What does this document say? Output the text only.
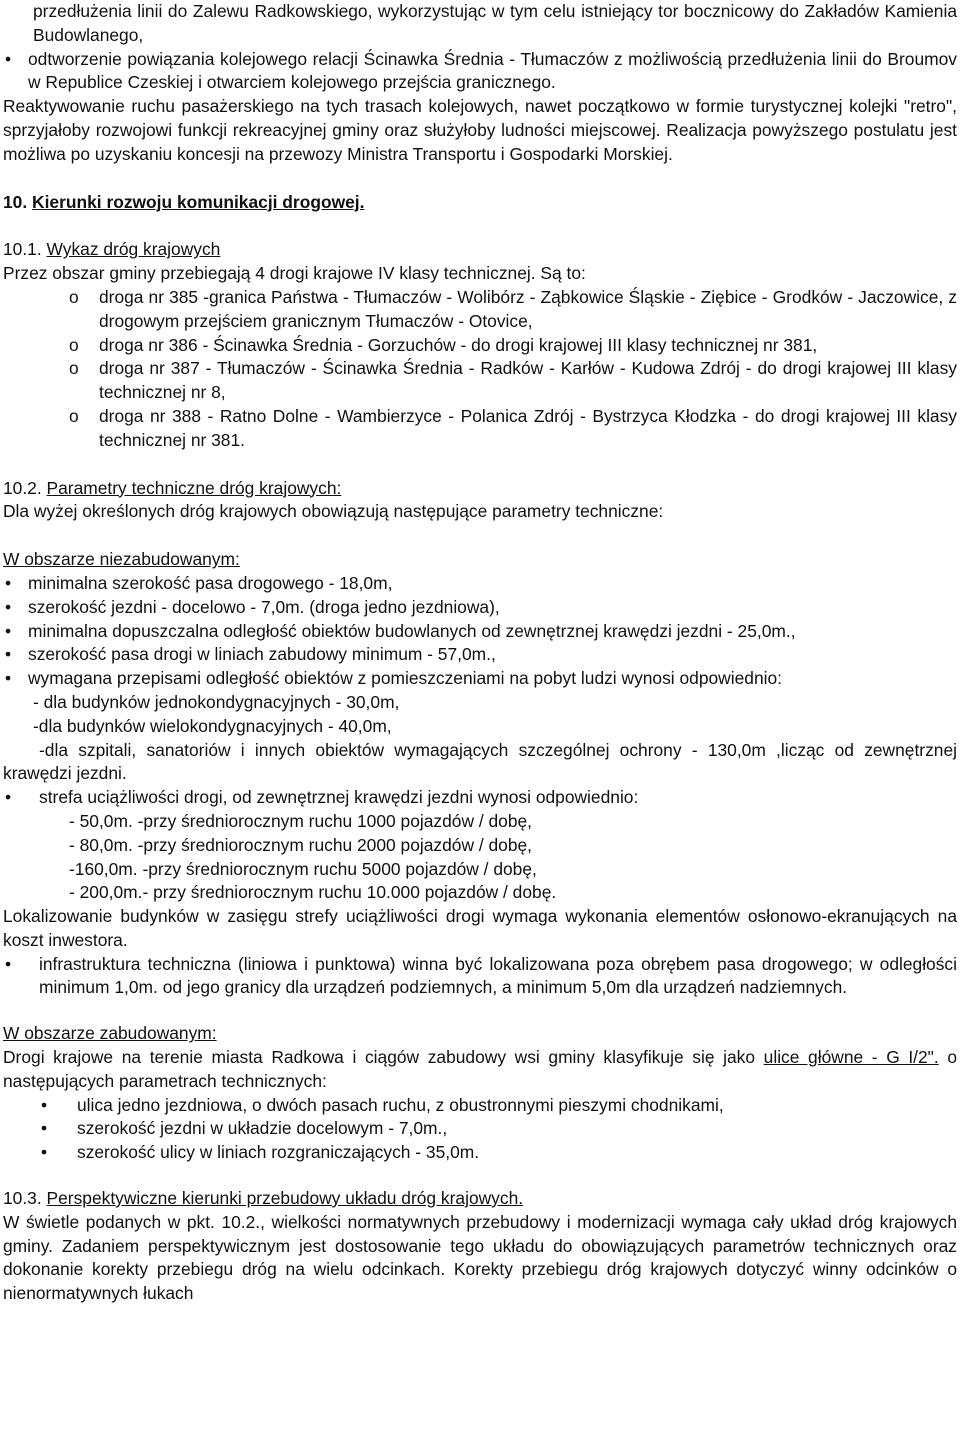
przedłużenia linii do Zalewu Radkowskiego, wykorzystując w tym celu istniejący tor bocznicowy do Zakładów Kamienia Budowlanego,

• odtworzenie powiązania kolejowego relacji Ścinawka Średnia - Tłumaczów z możliwością przedłużenia linii do Broumov w Republice Czeskiej i otwarciem kolejowego przejścia granicznego.

Reaktywowanie ruchu pasażerskiego na tych trasach kolejowych, nawet początkowo w formie turystycznej kolejki "retro", sprzyjałoby rozwojowi funkcji rekreacyjnej gminy oraz służyłoby ludności miejscowej. Realizacja powyższego postulatu jest możliwa po uzyskaniu koncesji na przewozy Ministra Transportu i Gospodarki Morskiej.

10. Kierunki rozwoju komunikacji drogowej.

10.1. Wykaz dróg krajowych

Przez obszar gminy przebiegają 4 drogi krajowe IV klasy technicznej. Są to:

o droga nr 385 -granica Państwa - Tłumaczów - Wolibórz - Ząbkowice Śląskie - Ziębice - Grodków - Jaczowice, z drogowym przejściem granicznym Tłumaczów - Otovice,

o droga nr 386 - Ścinawka Średnia - Gorzuchów - do drogi krajowej III klasy technicznej nr 381,

o droga nr 387 - Tłumaczów - Ścinawka Średnia - Radków - Karłów - Kudowa Zdrój - do drogi krajowej III klasy technicznej nr 8,

o droga nr 388 - Ratno Dolne - Wambierzyce - Polanica Zdrój - Bystrzyca Kłodzka - do drogi krajowej III klasy technicznej nr 381.

10.2. Parametry techniczne dróg krajowych:

Dla wyżej określonych dróg krajowych obowiązują następujące parametry techniczne:

W obszarze niezabudowanym:

• minimalna szerokość pasa drogowego - 18,0m,

• szerokość jezdni - docelowo - 7,0m. (droga jedno jezdniowa),

• minimalna dopuszczalna odległość obiektów budowlanych od zewnętrznej krawędzi jezdni - 25,0m.,

• szerokość pasa drogi w liniach zabudowy minimum - 57,0m.,

• wymagana przepisami odległość obiektów z pomieszczeniami na pobyt ludzi wynosi odpowiednio:

- dla budynków jednokondygnacyjnych - 30,0m,

-dla budynków wielokondygnacyjnych - 40,0m,

-dla szpitali, sanatoriów i innych obiektów wymagających szczególnej ochrony - 130,0m ,licząc od zewnętrznej krawędzi jezdni.

• strefa uciążliwości drogi, od zewnętrznej krawędzi jezdni wynosi odpowiednio:

- 50,0m. -przy średniorocznym ruchu 1000 pojazdów / dobę,

- 80,0m. -przy średniorocznym ruchu 2000 pojazdów / dobę,

-160,0m. -przy średniorocznym ruchu 5000 pojazdów / dobę,

- 200,0m.- przy średniorocznym ruchu 10.000 pojazdów / dobę.

Lokalizowanie budynków w zasięgu strefy uciążliwości drogi wymaga wykonania elementów osłonowo-ekranujących na koszt inwestora.

• infrastruktura techniczna (liniowa i punktowa) winna być lokalizowana poza obrębem pasa drogowego; w odległości minimum 1,0m. od jego granicy dla urządzeń podziemnych, a minimum 5,0m dla urządzeń nadziemnych.

W obszarze zabudowanym:

Drogi krajowe na terenie miasta Radkowa i ciągów zabudowy wsi gminy klasyfikuje się jako ulice główne - G I/2". o następujących parametrach technicznych:

• ulica jedno jezdniowa, o dwóch pasach ruchu, z obustronnymi pieszymi chodnikami,

• szerokość jezdni w układzie docelowym - 7,0m.,

• szerokość ulicy w liniach rozgraniczających - 35,0m.

10.3. Perspektywiczne kierunki przebudowy układu dróg krajowych.

W świetle podanych w pkt. 10.2., wielkości normatywnych przebudowy i modernizacji wymaga cały układ dróg krajowych gminy. Zadaniem perspektywicznym jest dostosowanie tego układu do obowiązujących parametrów technicznych oraz dokonanie korekty przebiegu dróg na wielu odcinkach. Korekty przebiegu dróg krajowych dotyczyć winny odcinków o nienormatywnych łukach
